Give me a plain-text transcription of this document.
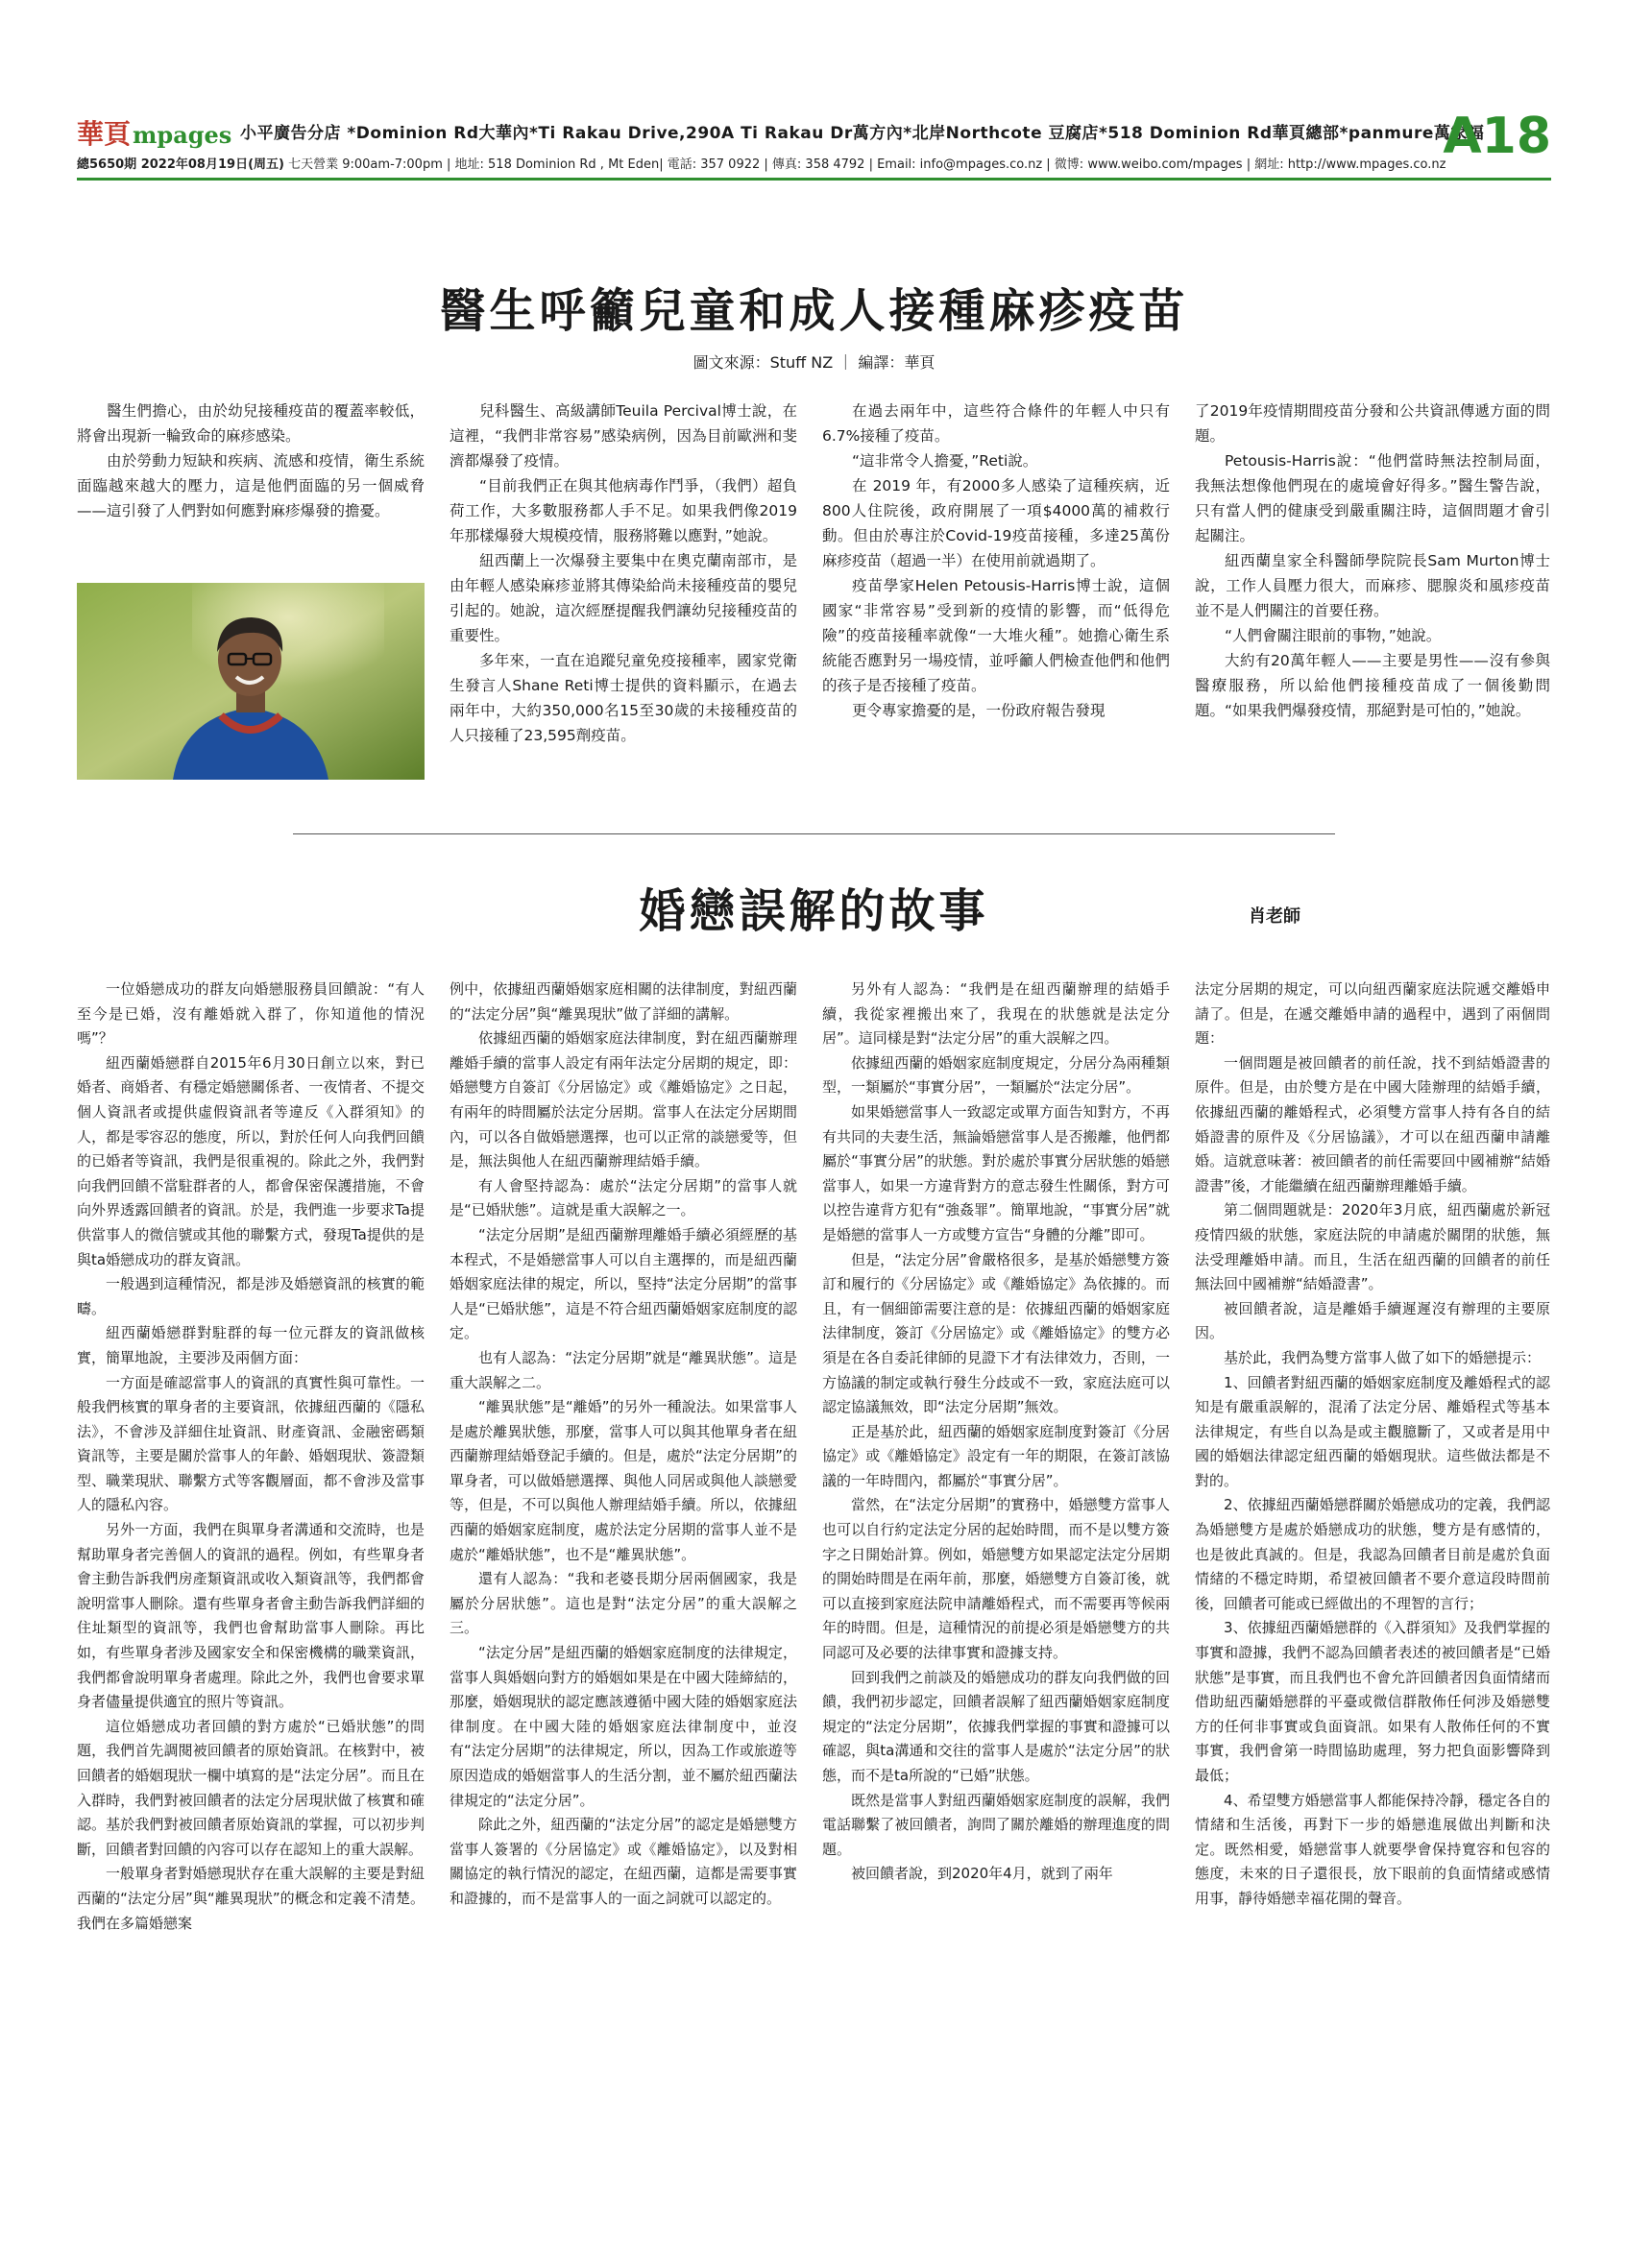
華頁mpages 小平廣告分店 *Dominion Rd大華內*Ti Rakau Drive,290A Ti Rakau Dr萬方內*北岸Northcote 豆腐店*518 Dominion Rd華頁總部*panmure萬家福
總5650期 2022年08月19日(周五) 七天營業 9:00am-7:00pm | 地址: 518 Dominion Rd , Mt Eden| 電話: 357 0922 | 傳真: 358 4792 | Email: info@mpages.co.nz | 微博: www.weibo.com/mpages | 網址: http://www.mpages.co.nz
A18
醫生呼籲兒童和成人接種麻疹疫苗
圖文來源：Stuff NZ ｜ 編譯：華頁

醫生們擔心，由於幼兒接種疫苗的覆蓋率較低，將會出現新一輪致命的麻疹感染。

由於勞動力短缺和疾病、流感和疫情，衛生系統面臨越來越大的壓力，這是他們面臨的另一個威脅——這引發了人們對如何應對麻疹爆發的擔憂。

兒科醫生、高級講師Teuila Percival博士說，在這裡，“我們非常容易”感染病例，因為目前歐洲和斐濟都爆發了疫情。

“目前我們正在與其他病毒作鬥爭，（我們）超負荷工作，大多數服務都人手不足。如果我們像2019年那樣爆發大規模疫情，服務將難以應對，”她說。

紐西蘭上一次爆發主要集中在奧克蘭南部市，是由年輕人感染麻疹並將其傳染給尚未接種疫苗的嬰兒引起的。她說，這次經歷提醒我們讓幼兒接種疫苗的重要性。

多年來，一直在追蹤兒童免疫接種率，國家党衛生發言人Shane Reti博士提供的資料顯示，在過去兩年中，大約350,000名15至30歲的未接種疫苗的人只接種了23,595劑疫苗。

在過去兩年中，這些符合條件的年輕人中只有6.7%接種了疫苗。

“這非常令人擔憂，”Reti說。

在 2019 年，有2000多人感染了這種疾病，近800人住院後，政府開展了一項$4000萬的補救行動。但由於專注於Covid-19疫苗接種，多達25萬份麻疹疫苗（超過一半）在使用前就過期了。

疫苗學家Helen Petousis-Harris博士說，這個國家“非常容易”受到新的疫情的影響，而“低得危險”的疫苗接種率就像“一大堆火種”。她擔心衛生系統能否應對另一場疫情，並呼籲人們檢查他們和他們的孩子是否接種了疫苗。

更令專家擔憂的是，一份政府報告發現

了2019年疫情期間疫苗分發和公共資訊傳遞方面的問題。

Petousis-Harris說：“他們當時無法控制局面，我無法想像他們現在的處境會好得多。”醫生警告說，只有當人們的健康受到嚴重關注時，這個問題才會引起關注。

紐西蘭皇家全科醫師學院院長Sam Murton博士說，工作人員壓力很大，而麻疹、腮腺炎和風疹疫苗並不是人們關注的首要任務。

“人們會關注眼前的事物，”她說。

大約有20萬年輕人——主要是男性——沒有參與醫療服務，所以給他們接種疫苗成了一個後勤問題。“如果我們爆發疫情，那絕對是可怕的，”她說。

婚戀誤解的故事	肖老師

一位婚戀成功的群友向婚戀服務員回饋說：“有人至今是已婚，沒有離婚就入群了，你知道他的情況嗎”？

紐西蘭婚戀群自2015年6月30日創立以來，對已婚者、商婚者、有穩定婚戀關係者、一夜情者、不提交個人資訊者或提供虛假資訊者等違反《入群須知》的人，都是零容忍的態度，所以，對於任何人向我們回饋的已婚者等資訊，我們是很重視的。除此之外，我們對向我們回饋不當駐群者的人，都會保密保護措施，不會向外界透露回饋者的資訊。於是，我們進一步要求Ta提供當事人的微信號或其他的聯繫方式，發現Ta提供的是與ta婚戀成功的群友資訊。

一般遇到這種情況，都是涉及婚戀資訊的核實的範疇。

紐西蘭婚戀群對駐群的每一位元群友的資訊做核實，簡單地說，主要涉及兩個方面：

一方面是確認當事人的資訊的真實性與可靠性。一般我們核實的單身者的主要資訊，依據紐西蘭的《隱私法》，不會涉及詳細住址資訊、財產資訊、金融密碼類資訊等，主要是關於當事人的年齡、婚姻現狀、簽證類型、職業現狀、聯繫方式等客觀層面，都不會涉及當事人的隱私內容。

另外一方面，我們在與單身者溝通和交流時，也是幫助單身者完善個人的資訊的過程。例如，有些單身者會主動告訴我們房產類資訊或收入類資訊等，我們都會說明當事人刪除。還有些單身者會主動告訴我們詳細的住址類型的資訊等，我們也會幫助當事人刪除。再比如，有些單身者涉及國家安全和保密機構的職業資訊，我們都會說明單身者處理。除此之外，我們也會要求單身者儘量提供適宜的照片等資訊。

這位婚戀成功者回饋的對方處於“已婚狀態”的問題，我們首先調閱被回饋者的原始資訊。在核對中，被回饋者的婚姻現狀一欄中填寫的是“法定分居”。而且在入群時，我們對被回饋者的法定分居現狀做了核實和確認。基於我們對被回饋者原始資訊的掌握，可以初步判斷，回饋者對回饋的內容可以存在認知上的重大誤解。

一般單身者對婚戀現狀存在重大誤解的主要是對紐西蘭的“法定分居”與“離異現狀”的概念和定義不清楚。我們在多篇婚戀案

例中，依據紐西蘭婚姻家庭相關的法律制度，對紐西蘭的“法定分居”與“離異現狀”做了詳細的講解。

依據紐西蘭的婚姻家庭法律制度，對在紐西蘭辦理離婚手續的當事人設定有兩年法定分居期的規定，即：婚戀雙方自簽訂《分居協定》或《離婚協定》之日起，有兩年的時間屬於法定分居期。當事人在法定分居期間內，可以各自做婚戀選擇，也可以正常的談戀愛等，但是，無法與他人在紐西蘭辦理結婚手續。

有人會堅持認為：處於“法定分居期”的當事人就是“已婚狀態”。這就是重大誤解之一。

“法定分居期”是紐西蘭辦理離婚手續必須經歷的基本程式，不是婚戀當事人可以自主選擇的，而是紐西蘭婚姻家庭法律的規定，所以，堅持“法定分居期”的當事人是“已婚狀態”，這是不符合紐西蘭婚姻家庭制度的認定。

也有人認為：“法定分居期”就是“離異狀態”。這是重大誤解之二。

“離異狀態”是“離婚”的另外一種說法。如果當事人是處於離異狀態，那麼，當事人可以與其他單身者在紐西蘭辦理結婚登記手續的。但是，處於“法定分居期”的單身者，可以做婚戀選擇、與他人同居或與他人談戀愛等，但是，不可以與他人辦理結婚手續。所以，依據紐西蘭的婚姻家庭制度，處於法定分居期的當事人並不是處於“離婚狀態”，也不是“離異狀態”。

還有人認為：“我和老婆長期分居兩個國家，我是屬於分居狀態”。這也是對“法定分居”的重大誤解之三。

“法定分居”是紐西蘭的婚姻家庭制度的法律規定，當事人與婚姻向對方的婚姻如果是在中國大陸締結的，那麼，婚姻現狀的認定應該遵循中國大陸的婚姻家庭法律制度。在中國大陸的婚姻家庭法律制度中，並沒有“法定分居期”的法律規定，所以，因為工作或旅遊等原因造成的婚姻當事人的生活分割，並不屬於紐西蘭法律規定的“法定分居”。

除此之外，紐西蘭的“法定分居”的認定是婚戀雙方當事人簽署的《分居協定》或《離婚協定》，以及對相關協定的執行情況的認定，在紐西蘭，這都是需要事實和證據的，而不是當事人的一面之詞就可以認定的。

另外有人認為：“我們是在紐西蘭辦理的結婚手續，我從家裡搬出來了，我現在的狀態就是法定分居”。這同樣是對“法定分居”的重大誤解之四。

依據紐西蘭的婚姻家庭制度規定，分居分為兩種類型，一類屬於“事實分居”，一類屬於“法定分居”。

如果婚戀當事人一致認定或單方面告知對方，不再有共同的夫妻生活，無論婚戀當事人是否搬離，他們都屬於“事實分居”的狀態。對於處於事實分居狀態的婚戀當事人，如果一方違背對方的意志發生性關係，對方可以控告違背方犯有“強姦罪”。簡單地說，“事實分居”就是婚戀的當事人一方或雙方宣告“身體的分離”即可。

但是，“法定分居”會嚴格很多，是基於婚戀雙方簽訂和履行的《分居協定》或《離婚協定》為依據的。而且，有一個細節需要注意的是：依據紐西蘭的婚姻家庭法律制度，簽訂《分居協定》或《離婚協定》的雙方必須是在各自委託律師的見證下才有法律效力，否則，一方協議的制定或執行發生分歧或不一致，家庭法庭可以認定協議無效，即“法定分居期”無效。

正是基於此，紐西蘭的婚姻家庭制度對簽訂《分居協定》或《離婚協定》設定有一年的期限，在簽訂該協議的一年時間內，都屬於“事實分居”。

當然，在“法定分居期”的實務中，婚戀雙方當事人也可以自行約定法定分居的起始時間，而不是以雙方簽字之日開始計算。例如，婚戀雙方如果認定法定分居期的開始時間是在兩年前，那麼，婚戀雙方自簽訂後，就可以直接到家庭法院申請離婚程式，而不需要再等候兩年的時間。但是，這種情況的前提必須是婚戀雙方的共同認可及必要的法律事實和證據支持。

回到我們之前談及的婚戀成功的群友向我們做的回饋，我們初步認定，回饋者誤解了紐西蘭婚姻家庭制度規定的“法定分居期”，依據我們掌握的事實和證據可以確認，與ta溝通和交往的當事人是處於“法定分居”的狀態，而不是ta所說的“已婚”狀態。

既然是當事人對紐西蘭婚姻家庭制度的誤解，我們電話聯繫了被回饋者，詢問了關於離婚的辦理進度的問題。

被回饋者說，到2020年4月，就到了兩年

法定分居期的規定，可以向紐西蘭家庭法院遞交離婚申請了。但是，在遞交離婚申請的過程中，遇到了兩個問題：

一個問題是被回饋者的前任說，找不到結婚證書的原件。但是，由於雙方是在中國大陸辦理的結婚手續，依據紐西蘭的離婚程式，必須雙方當事人持有各自的結婚證書的原件及《分居協議》，才可以在紐西蘭申請離婚。這就意味著：被回饋者的前任需要回中國補辦“結婚證書”後，才能繼續在紐西蘭辦理離婚手續。

第二個問題就是：2020年3月底，紐西蘭處於新冠疫情四級的狀態，家庭法院的申請處於關閉的狀態，無法受理離婚申請。而且，生活在紐西蘭的回饋者的前任無法回中國補辦“結婚證書”。

被回饋者說，這是離婚手續遲遲沒有辦理的主要原因。

基於此，我們為雙方當事人做了如下的婚戀提示：

1、回饋者對紐西蘭的婚姻家庭制度及離婚程式的認知是有嚴重誤解的，混淆了法定分居、離婚程式等基本法律規定，有些自以為是或主觀臆斷了，又或者是用中國的婚姻法律認定紐西蘭的婚姻現狀。這些做法都是不對的。

2、依據紐西蘭婚戀群關於婚戀成功的定義，我們認為婚戀雙方是處於婚戀成功的狀態，雙方是有感情的，也是彼此真誠的。但是，我認為回饋者目前是處於負面情緒的不穩定時期，希望被回饋者不要介意這段時間前後，回饋者可能或已經做出的不理智的言行；

3、依據紐西蘭婚戀群的《入群須知》及我們掌握的事實和證據，我們不認為回饋者表述的被回饋者是“已婚狀態”是事實，而且我們也不會允許回饋者因負面情緒而借助紐西蘭婚戀群的平臺或微信群散佈任何涉及婚戀雙方的任何非事實或負面資訊。如果有人散佈任何的不實事實，我們會第一時間協助處理，努力把負面影響降到最低；

4、希望雙方婚戀當事人都能保持冷靜，穩定各自的情緒和生活後，再對下一步的婚戀進展做出判斷和決定。既然相愛，婚戀當事人就要學會保持寬容和包容的態度，未來的日子還很長，放下眼前的負面情緒或感情用事，靜待婚戀幸福花開的聲音。
